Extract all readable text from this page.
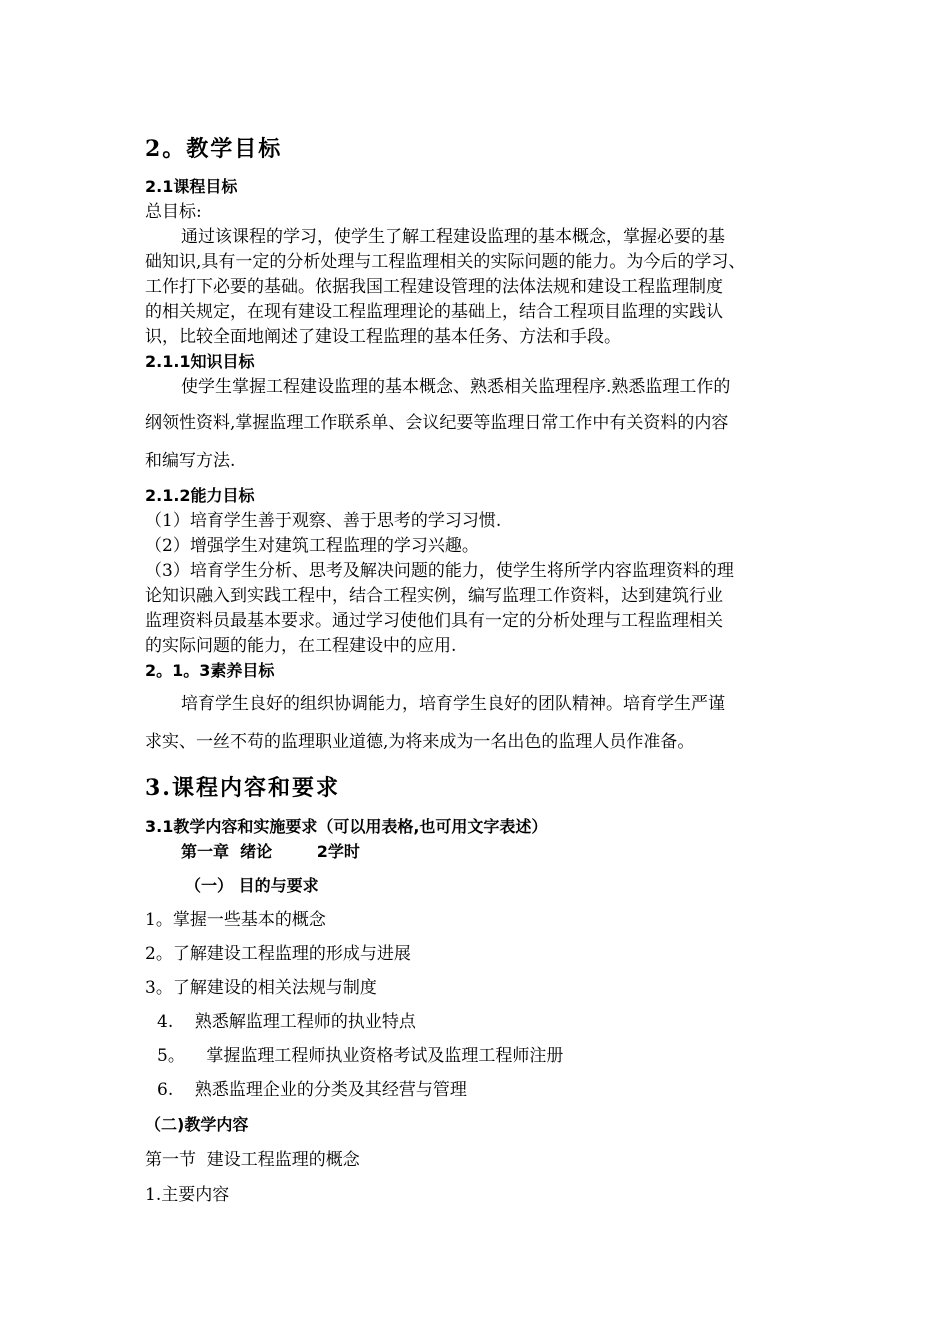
2。教学目标
2.1课程目标
总目标:
通过该课程的学习，使学生了解工程建设监理的基本概念，掌握必要的基
础知识,具有一定的分析处理与工程监理相关的实际问题的能力。为今后的学习、
工作打下必要的基础。依据我国工程建设管理的法体法规和建设工程监理制度
的相关规定，在现有建设工程监理理论的基础上，结合工程项目监理的实践认
识，比较全面地阐述了建设工程监理的基本任务、方法和手段。
2.1.1知识目标
使学生掌握工程建设监理的基本概念、熟悉相关监理程序.熟悉监理工作的
纲领性资料,掌握监理工作联系单、会议纪要等监理日常工作中有关资料的内容
和编写方法.
2.1.2能力目标
（1）培育学生善于观察、善于思考的学习习惯.
（2）增强学生对建筑工程监理的学习兴趣。
（3）培育学生分析、思考及解决问题的能力，使学生将所学内容监理资料的理
论知识融入到实践工程中，结合工程实例，编写监理工作资料，达到建筑行业
监理资料员最基本要求。通过学习使他们具有一定的分析处理与工程监理相关
的实际问题的能力，在工程建设中的应用.
2。1。3素养目标
培育学生良好的组织协调能力，培育学生良好的团队精神。培育学生严谨
求实、一丝不苟的监理职业道德,为将来成为一名出色的监理人员作准备。
3.课程内容和要求
3.1教学内容和实施要求（可以用表格,也可用文字表述）
第一章  绪论        2学时
（一） 目的与要求
1。掌握一些基本的概念
2。了解建设工程监理的形成与进展
3。了解建设的相关法规与制度
4.    熟悉解监理工程师的执业特点
5。    掌握监理工程师执业资格考试及监理工程师注册
6.    熟悉监理企业的分类及其经营与管理
（二)教学内容
第一节  建设工程监理的概念
1.主要内容
